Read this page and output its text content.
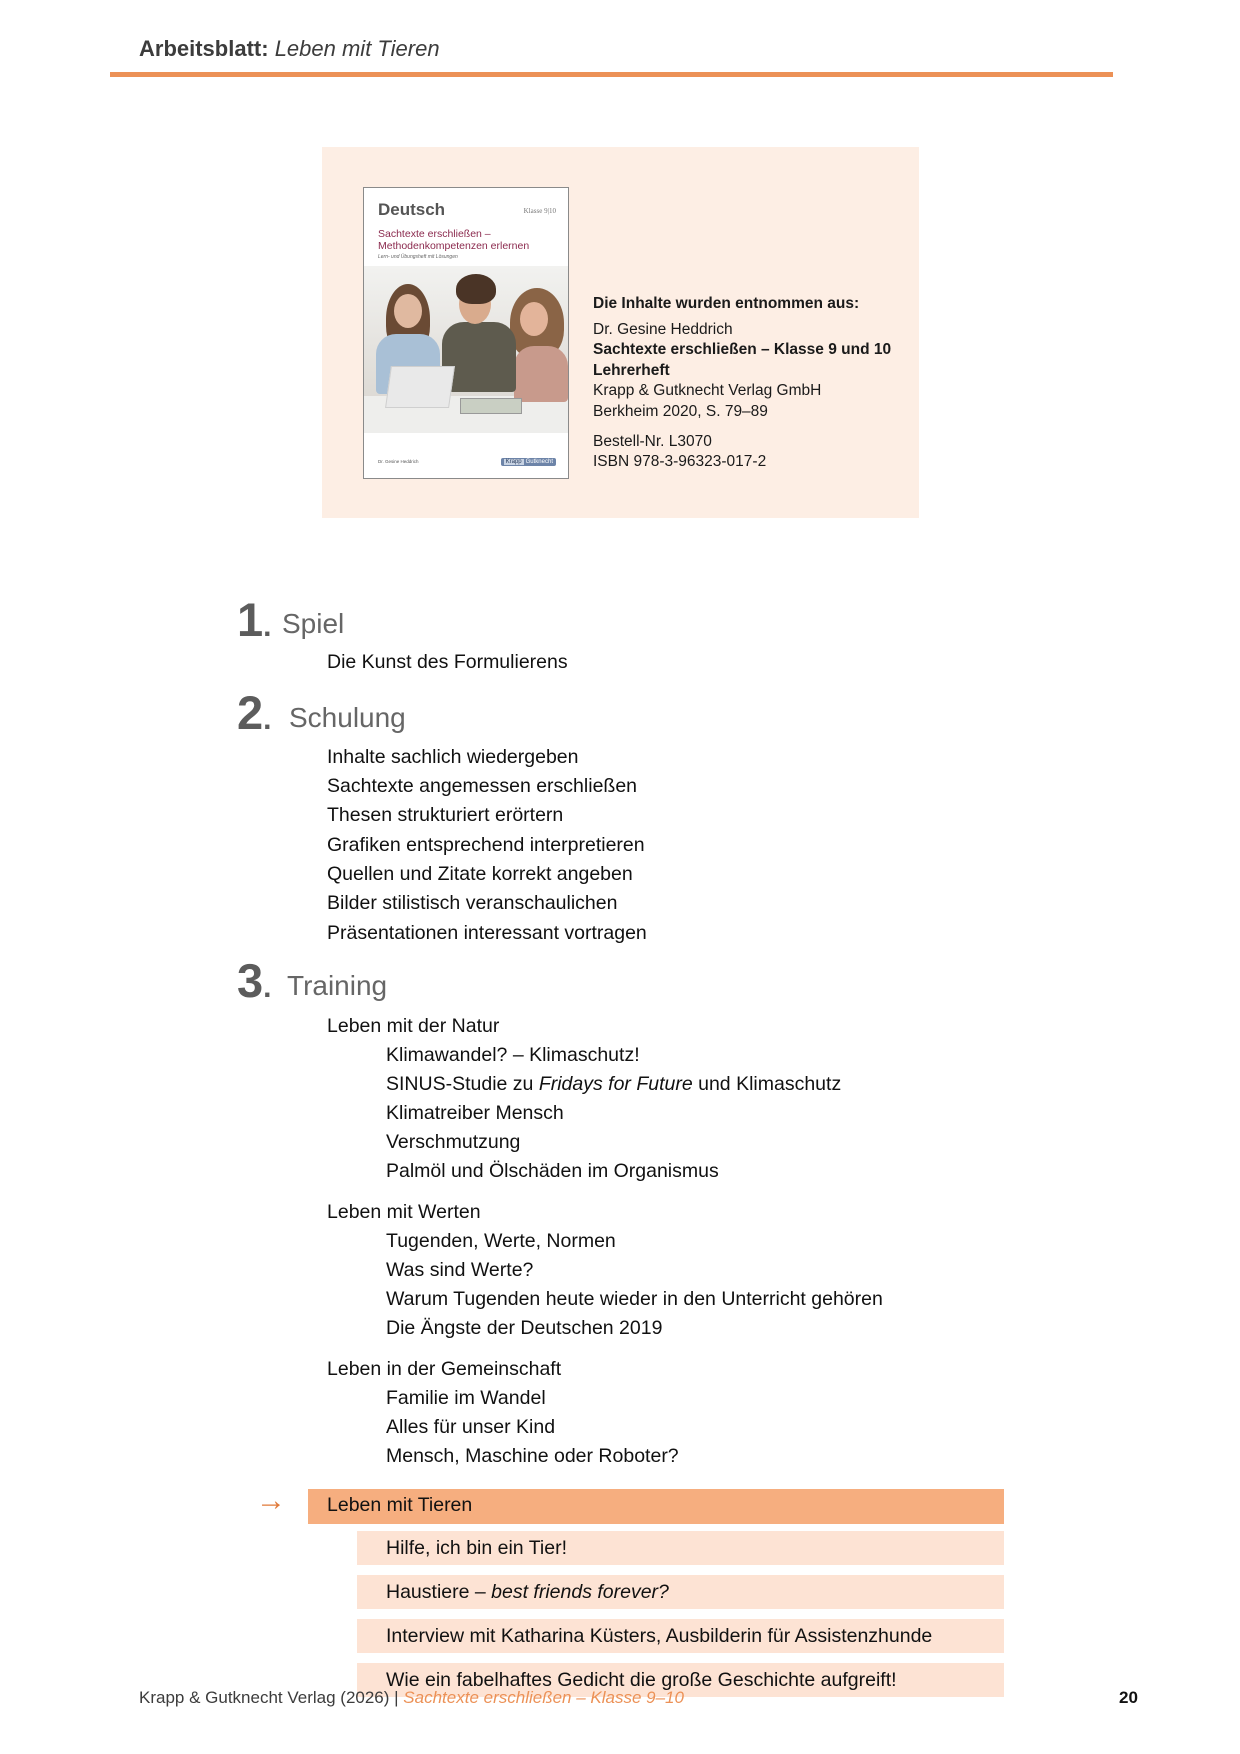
Arbeitsblatt: Leben mit Tieren
Deutsch	Klasse 9|10
Sachtexte erschließen –
Methodenkompetenzen erlernen
Lern- und Übungsheft mit Lösungen
Dr. Gesine Heddrich	Krapp Gutknecht
Die Inhalte wurden entnommen aus:
Dr. Gesine Heddrich
Sachtexte erschließen – Klasse 9 und 10
Lehrerheft
Krapp & Gutknecht Verlag GmbH
Berkheim 2020, S. 79–89
Bestell-Nr. L3070
ISBN 978-3-96323-017-2
1. Spiel
Die Kunst des Formulierens
2. Schulung
Inhalte sachlich wiedergeben
Sachtexte angemessen erschließen
Thesen strukturiert erörtern
Grafiken entsprechend interpretieren
Quellen und Zitate korrekt angeben
Bilder stilistisch veranschaulichen
Präsentationen interessant vortragen
3. Training
Leben mit der Natur
Klimawandel? – Klimaschutz!
SINUS-Studie zu Fridays for Future und Klimaschutz
Klimatreiber Mensch
Verschmutzung
Palmöl und Ölschäden im Organismus
Leben mit Werten
Tugenden, Werte, Normen
Was sind Werte?
Warum Tugenden heute wieder in den Unterricht gehören
Die Ängste der Deutschen 2019
Leben in der Gemeinschaft
Familie im Wandel
Alles für unser Kind
Mensch, Maschine oder Roboter?
→ Leben mit Tieren
Hilfe, ich bin ein Tier!
Haustiere – best friends forever?
Interview mit Katharina Küsters, Ausbilderin für Assistenzhunde
Wie ein fabelhaftes Gedicht die große Geschichte aufgreift!
Krapp & Gutknecht Verlag (2026) | Sachtexte erschließen – Klasse 9–10	20
